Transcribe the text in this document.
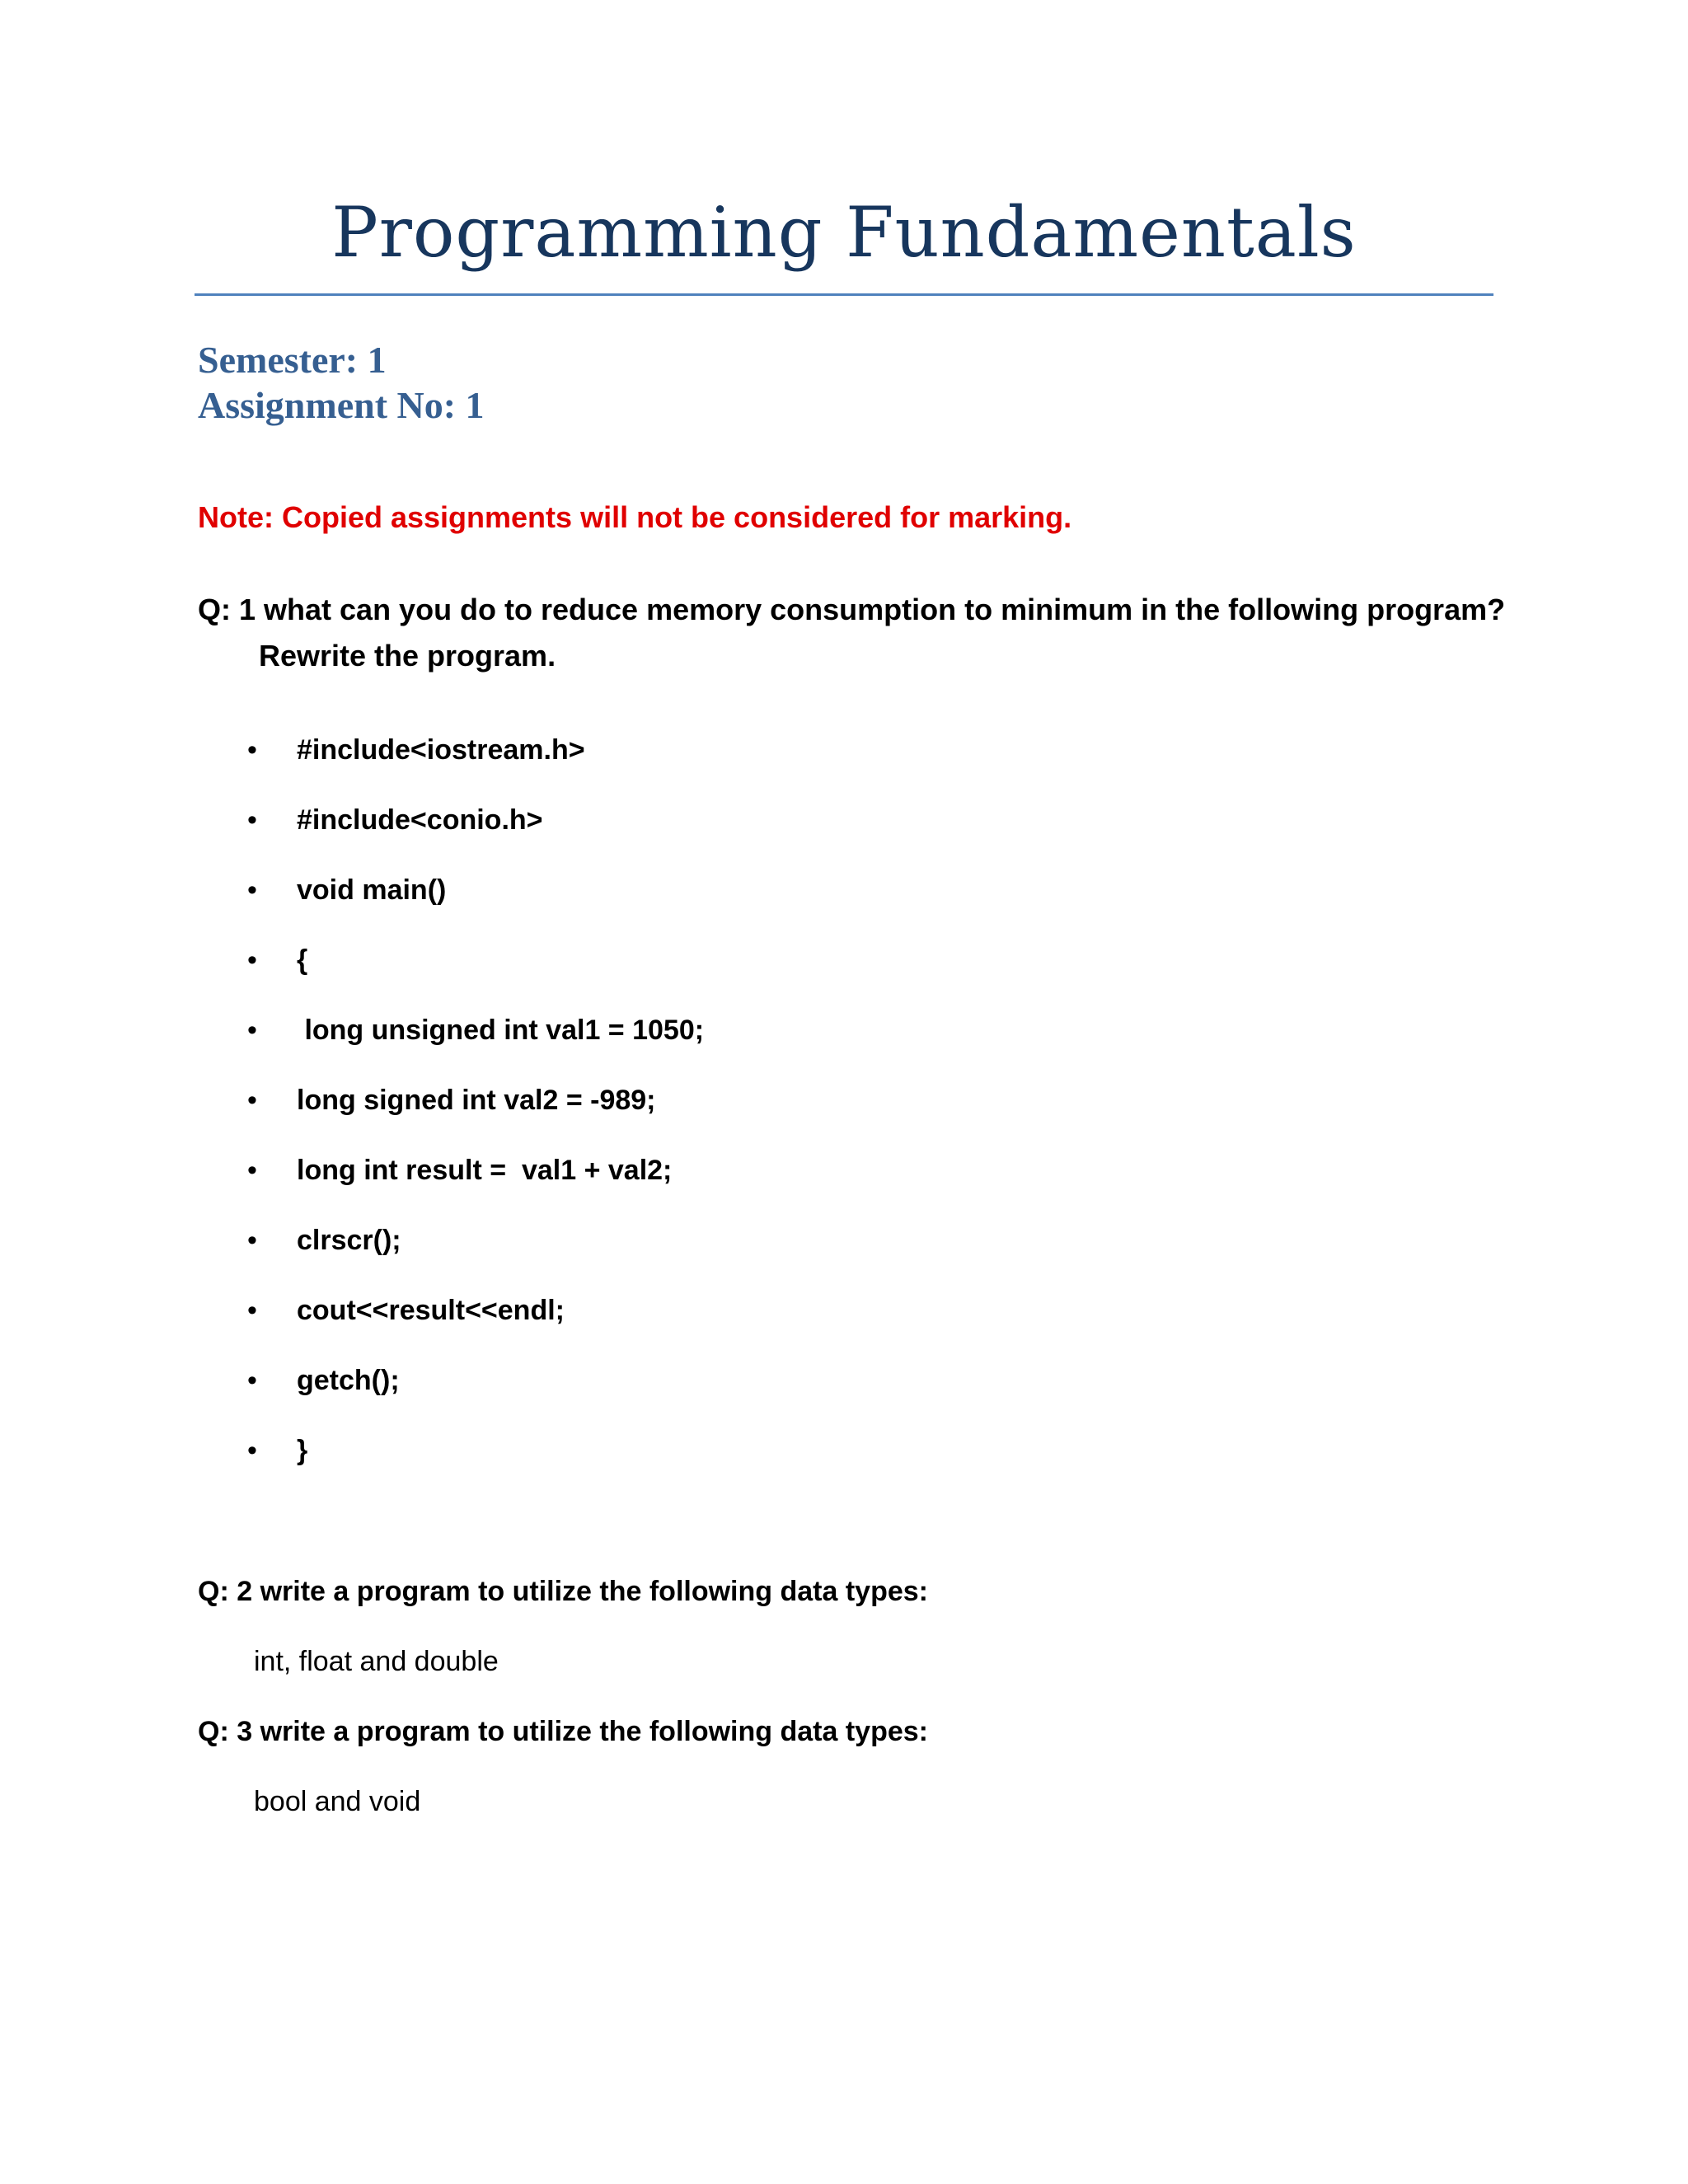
Programming Fundamentals
Semester: 1
Assignment No: 1
Note: Copied assignments will not be considered for marking.
Q: 1 what can you do to reduce memory consumption to minimum in the following program?
Rewrite the program.
•	#include<iostream.h>
•	#include<conio.h>
•	void main()
•	{
•	long unsigned int val1 = 1050;
•	long signed int val2 = -989;
•	long int result =  val1 + val2;
•	clrscr();
•	cout<<result<<endl;
•	getch();
•	}
Q: 2 write a program to utilize the following data types:
int, float and double
Q: 3 write a program to utilize the following data types:
bool and void
